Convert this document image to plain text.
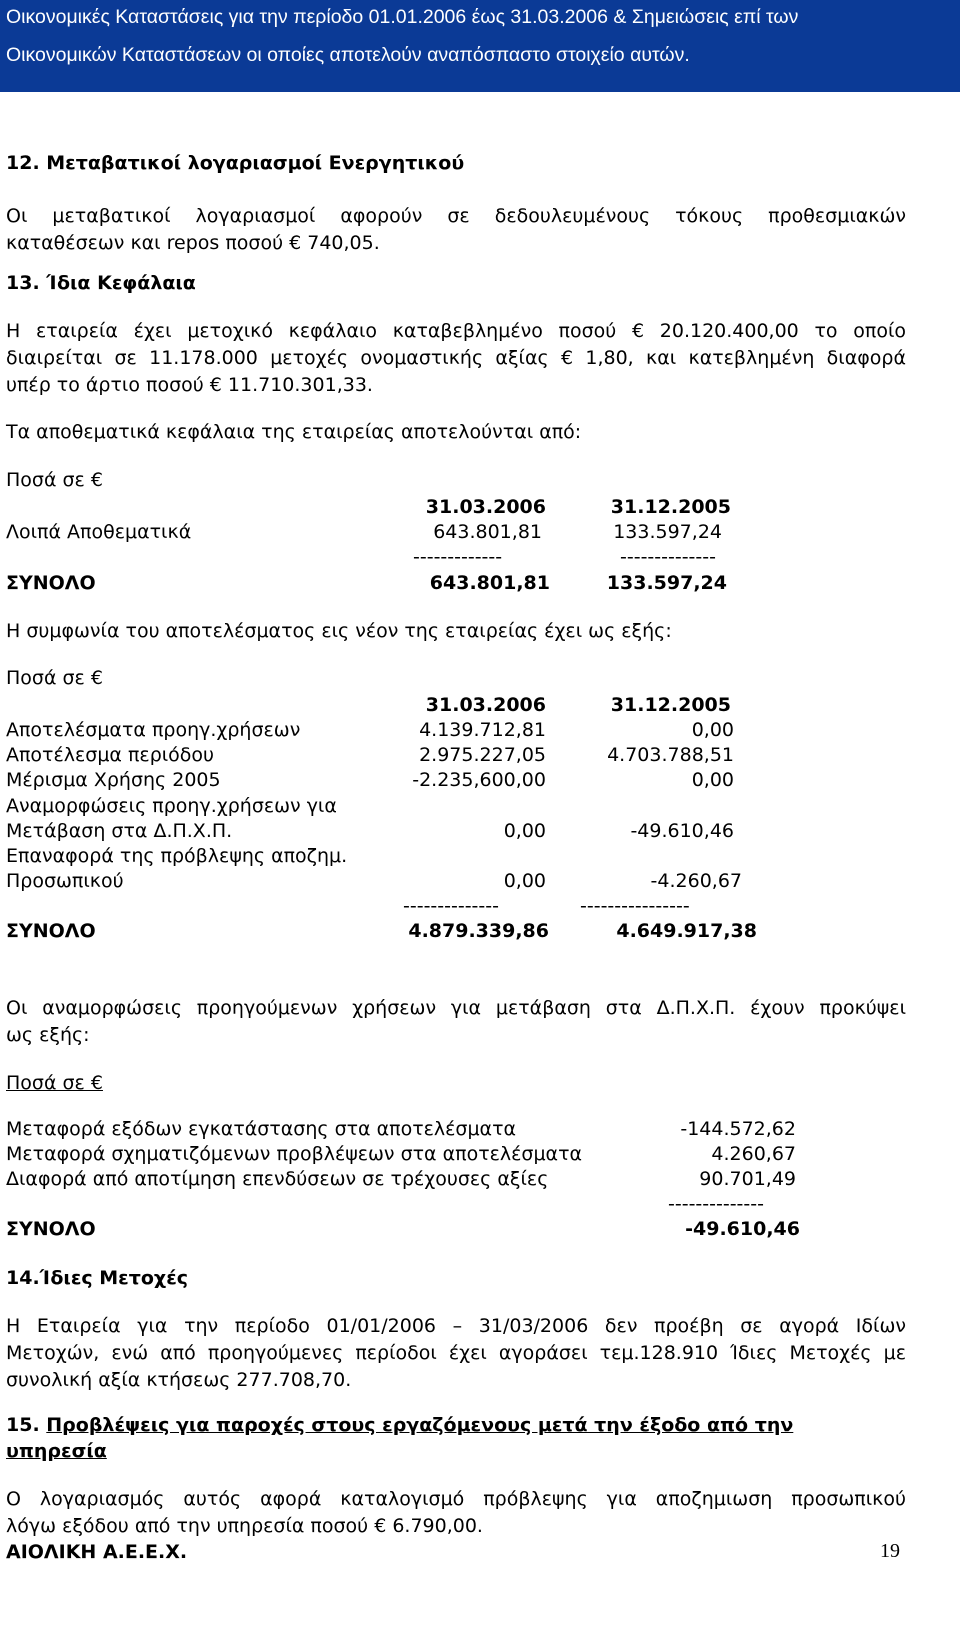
Οικονομικές Καταστάσεις για την περίοδο 01.01.2006 έως 31.03.2006 & Σημειώσεις επί των
Οικονομικών Καταστάσεων οι οποίες αποτελούν αναπόσπαστο στοιχείο αυτών.
12. Μεταβατικοί λογαριασμοί Ενεργητικού
Οι μεταβατικοί λογαριασμοί αφορούν σε δεδουλευμένους τόκους προθεσμιακών
καταθέσεων και repos ποσού € 740,05.
13. Ίδια Κεφάλαια
Η εταιρεία έχει μετοχικό κεφάλαιο καταβεβλημένο ποσού € 20.120.400,00 το οποίο
διαιρείται σε 11.178.000 μετοχές ονομαστικής αξίας € 1,80, και κατεβλημένη διαφορά
υπέρ το άρτιο ποσού € 11.710.301,33.
Τα αποθεματικά κεφάλαια της εταιρείας αποτελούνται από:
Ποσά σε €
31.03.2006	31.12.2005
Λοιπά Αποθεματικά	643.801,81	133.597,24
-------------	--------------
ΣΥΝΟΛΟ	643.801,81	133.597,24
Η συμφωνία του αποτελέσματος εις νέον της εταιρείας έχει ως εξής:
Ποσά σε €
31.03.2006	31.12.2005
Αποτελέσματα προηγ.χρήσεων	4.139.712,81	0,00
Αποτέλεσμα περιόδου	2.975.227,05	4.703.788,51
Μέρισμα Χρήσης 2005	-2.235,600,00	0,00
Αναμορφώσεις προηγ.χρήσεων για
Μετάβαση στα Δ.Π.Χ.Π.	0,00	-49.610,46
Επαναφορά της πρόβλεψης αποζημ.
Προσωπικού	0,00	-4.260,67
--------------	----------------
ΣΥΝΟΛΟ	4.879.339,86	4.649.917,38
Οι αναμορφώσεις προηγούμενων χρήσεων για μετάβαση στα Δ.Π.Χ.Π. έχουν προκύψει
ως εξής:
Ποσά σε €
Μεταφορά εξόδων εγκατάστασης στα αποτελέσματα	-144.572,62
Μεταφορά σχηματιζόμενων προβλέψεων στα αποτελέσματα	4.260,67
Διαφορά από αποτίμηση επενδύσεων σε τρέχουσες αξίες	90.701,49
--------------
ΣΥΝΟΛΟ	-49.610,46
14.Ίδιες Μετοχές
Η Εταιρεία για την περίοδο 01/01/2006 – 31/03/2006 δεν προέβη σε αγορά Ιδίων
Μετοχών, ενώ από προηγούμενες περίοδοι έχει αγοράσει τεμ.128.910 Ίδιες Μετοχές με
συνολική αξία κτήσεως 277.708,70.
15. Προβλέψεις για παροχές στους εργαζόμενους μετά την έξοδο από την
υπηρεσία
Ο λογαριασμός αυτός αφορά καταλογισμό πρόβλεψης για αποζημιωση προσωπικού
λόγω εξόδου από την υπηρεσία ποσού € 6.790,00.
ΑΙΟΛΙΚΗ Α.Ε.Ε.Χ.	19
